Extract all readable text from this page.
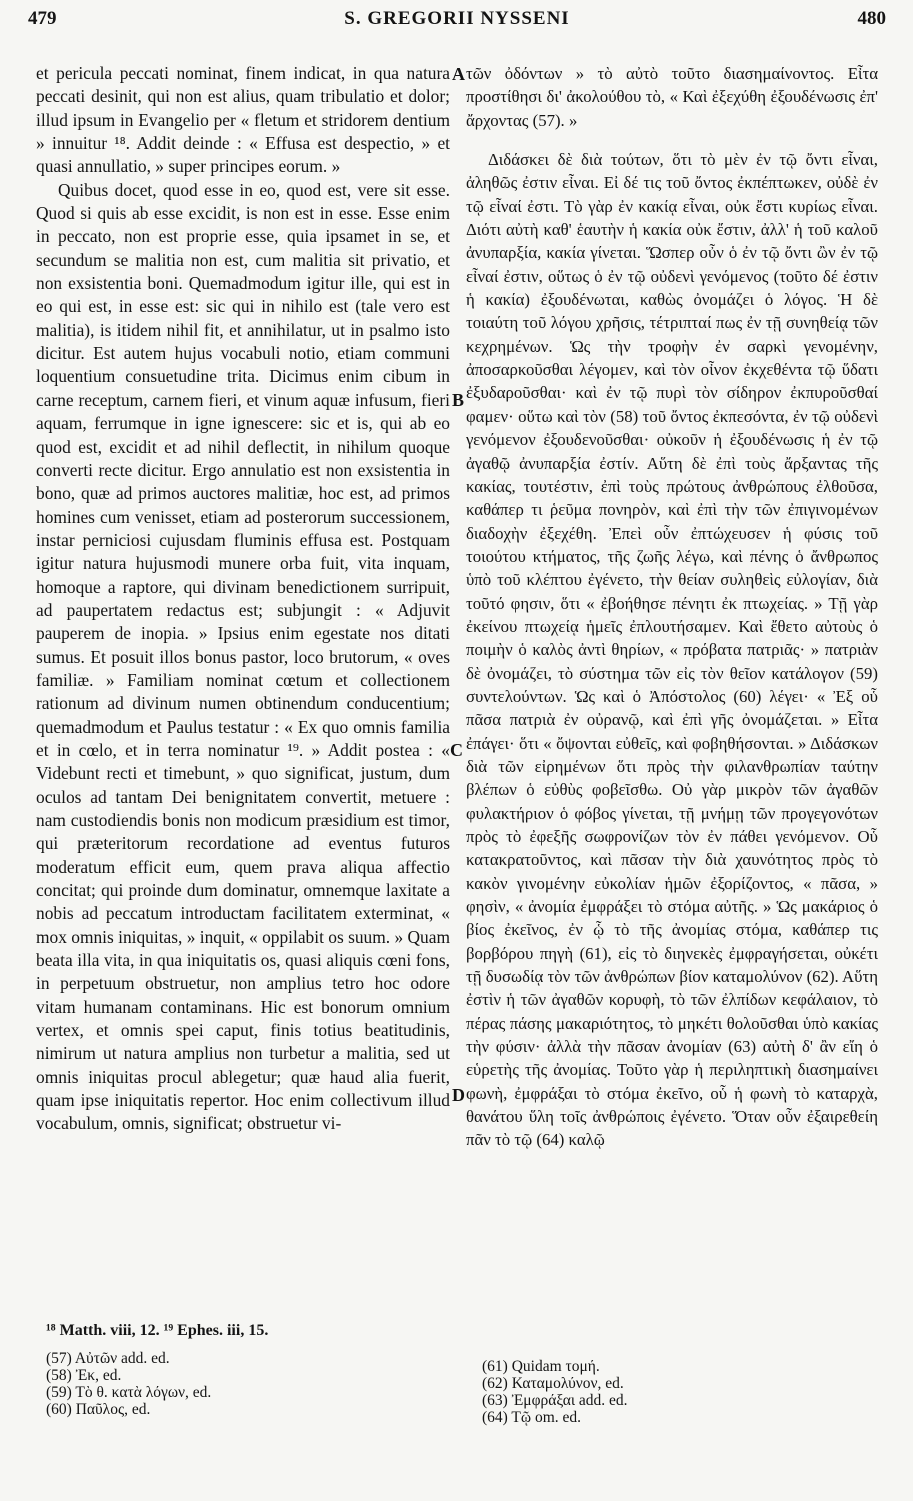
479	S. GREGORII NYSSENI	480

et pericula peccati nominat, finem indicat, in qua natura peccati desinit, qui non est alius, quam tribulatio et dolor; illud ipsum in Evangelio per « fletum et stridorem dentium » innuitur ¹⁸. Addit deinde : « Effusa est despectio, » et quasi annullatio, » super principes eorum. »

Quibus docet, quod esse in eo, quod est, vere sit esse. Quod si quis ab esse excidit, is non est in esse. Esse enim in peccato, non est proprie esse, quia ipsamet in se, et secundum se malitia non est, cum malitia sit privatio, et non exsistentia boni. Quemadmodum igitur ille, qui est in eo qui est, in esse est: sic qui in nihilo est (tale vero est malitia), is itidem nihil fit, et annihilatur, ut in psalmo isto dicitur. Est autem hujus vocabuli notio, etiam communi loquentium consuetudine trita. Dicimus enim cibum in carne receptum, carnem fieri, et vinum aquæ infusum, fieri aquam, ferrumque in igne ignescere: sic et is, qui ab eo quod est, excidit et ad nihil deflectit, in nihilum quoque converti recte dicitur. Ergo annulatio est non exsistentia in bono, quæ ad primos auctores malitiæ, hoc est, ad primos homines cum venisset, etiam ad posterorum successionem, instar perniciosi cujusdam fluminis effusa est. Postquam igitur natura hujusmodi munere orba fuit, vita inquam, homoque a raptore, qui divinam benedictionem surripuit, ad paupertatem redactus est; subjungit : « Adjuvit pauperem de inopia. » Ipsius enim egestate nos ditati sumus. Et posuit illos bonus pastor, loco brutorum, « oves familiæ. » Familiam nominat cœtum et collectionem rationum ad divinum numen obtinendum conducentium; quemadmodum et Paulus testatur : « Ex quo omnis familia et in cœlo, et in terra nominatur ¹⁹. » Addit postea : « Videbunt recti et timebunt, » quo significat, justum, dum oculos ad tantam Dei benignitatem convertit, metuere : nam custodiendis bonis non modicum præsidium est timor, qui præteritorum recordatione ad eventus futuros moderatum efficit eum, quem prava aliqua affectio concitat; qui proinde dum dominatur, omnemque laxitate a nobis ad peccatum introductam facilitatem exterminat, « mox omnis iniquitas, » inquit, « oppilabit os suum. » Quam beata illa vita, in qua iniquitatis os, quasi aliquis cœni fons, in perpetuum obstruetur, non amplius tetro hoc odore vitam humanam contaminans. Hic est bonorum omnium vertex, et omnis spei caput, finis totius beatitudinis, nimirum ut natura amplius non turbetur a malitia, sed ut omnis iniquitas procul ablegetur; quæ haud alia fuerit, quam ipse iniquitatis repertor. Hoc enim collectivum illud vocabulum, omnis, significat; obstruetur vi-

τῶν ὀδόντων » τὸ αὐτὸ τοῦτο διασημαίνοντος. Εἶτα προστίθησι δι' ἀκολούθου τὸ, « Καὶ ἐξεχύθη ἐξουδένωσις ἐπ' ἄρχοντας (57). »

Διδάσκει δὲ διὰ τούτων, ὅτι τὸ μὲν ἐν τῷ ὄντι εἶναι, ἀληθῶς ἐστιν εἶναι. Εἰ δέ τις τοῦ ὄντος ἐκπέπτωκεν, οὐδὲ ἐν τῷ εἶναί ἐστι. Τὸ γὰρ ἐν κακίᾳ εἶναι, οὐκ ἔστι κυρίως εἶναι. Διότι αὐτὴ καθ' ἑαυτὴν ἡ κακία οὐκ ἔστιν, ἀλλ' ἡ τοῦ καλοῦ ἀνυπαρξία, κακία γίνεται. Ὥσπερ οὖν ὁ ἐν τῷ ὄντι ὢν ἐν τῷ εἶναί ἐστιν, οὕτως ὁ ἐν τῷ οὐδενὶ γενόμενος (τοῦτο δέ ἐστιν ἡ κακία) ἐξουδένωται, καθὼς ὀνομάζει ὁ λόγος. Ἡ δὲ τοιαύτη τοῦ λόγου χρῆσις, τέτριπταί πως ἐν τῇ συνηθείᾳ τῶν κεχρημένων. Ὡς τὴν τροφὴν ἐν σαρκὶ γενομένην, ἀποσαρκοῦσθαι λέγομεν, καὶ τὸν οἶνον ἐκχεθέντα τῷ ὕδατι ἐξυδαροῦσθαι· καὶ ἐν τῷ πυρὶ τὸν σίδηρον ἐκπυροῦσθαί φαμεν· οὕτω καὶ τὸν (58) τοῦ ὄντος ἐκπεσόντα, ἐν τῷ οὐδενὶ γενόμενον ἐξουδενοῦσθαι· οὐκοῦν ἡ ἐξουδένωσις ἡ ἐν τῷ ἀγαθῷ ἀνυπαρξία ἐστίν. Αὕτη δὲ ἐπὶ τοὺς ἄρξαντας τῆς κακίας, τουτέστιν, ἐπὶ τοὺς πρώτους ἀνθρώπους ἐλθοῦσα, καθάπερ τι ῥεῦμα πονηρὸν, καὶ ἐπὶ τὴν τῶν ἐπιγινομένων διαδοχὴν ἐξεχέθη. Ἐπεὶ οὖν ἐπτώχευσεν ἡ φύσις τοῦ τοιούτου κτήματος, τῆς ζωῆς λέγω, καὶ πένης ὁ ἄνθρωπος ὑπὸ τοῦ κλέπτου ἐγένετο, τὴν θείαν συληθεὶς εὐλογίαν, διὰ τοῦτό φησιν, ὅτι « ἐβοήθησε πένητι ἐκ πτωχείας. » Τῇ γὰρ ἐκείνου πτωχείᾳ ἡμεῖς ἐπλουτήσαμεν. Καὶ ἔθετο αὐτοὺς ὁ ποιμὴν ὁ καλὸς ἀντὶ θηρίων, « πρόβατα πατριᾶς· » πατριὰν δὲ ὀνομάζει, τὸ σύστημα τῶν εἰς τὸν θεῖον κατάλογον (59) συντελούντων. Ὡς καὶ ὁ Ἀπόστολος (60) λέγει· « Ἐξ οὗ πᾶσα πατριὰ ἐν οὐρανῷ, καὶ ἐπὶ γῆς ὀνομάζεται. » Εἶτα ἐπάγει· ὅτι « ὄψονται εὐθεῖς, καὶ φοβηθήσονται. » Διδάσκων διὰ τῶν εἰρημένων ὅτι πρὸς τὴν φιλανθρωπίαν ταύτην βλέπων ὁ εὐθὺς φοβεῖσθω. Οὐ γὰρ μικρὸν τῶν ἀγαθῶν φυλακτήριον ὁ φόβος γίνεται, τῇ μνήμῃ τῶν προγεγονότων πρὸς τὸ ἐφεξῆς σωφρονίζων τὸν ἐν πάθει γενόμενον. Οὗ κατακρατοῦντος, καὶ πᾶσαν τὴν διὰ χαυνότητος πρὸς τὸ κακὸν γινομένην εὐκολίαν ἡμῶν ἐξορίζοντος, « πᾶσα, » φησὶν, « ἀνομία ἐμφράξει τὸ στόμα αὐτῆς. » Ὡς μακάριος ὁ βίος ἐκεῖνος, ἐν ᾧ τὸ τῆς ἀνομίας στόμα, καθάπερ τις βορβόρου πηγὴ (61), εἰς τὸ διηνεκὲς ἐμφραγήσεται, οὐκέτι τῇ δυσωδίᾳ τὸν τῶν ἀνθρώπων βίον καταμολύνον (62). Αὕτη ἐστὶν ἡ τῶν ἀγαθῶν κορυφὴ, τὸ τῶν ἐλπίδων κεφάλαιον, τὸ πέρας πάσης μακαριότητος, τὸ μηκέτι θολοῦσθαι ὑπὸ κακίας τὴν φύσιν· ἀλλὰ τὴν πᾶσαν ἀνομίαν (63) αὐτὴ δ' ἂν εἴη ὁ εὑρετὴς τῆς ἀνομίας. Τοῦτο γὰρ ἡ περιληπτικὴ διασημαίνει φωνὴ, ἐμφράξαι τὸ στόμα ἐκεῖνο, οὗ ἡ φωνὴ τὸ καταρχὰ, θανάτου ὕλη τοῖς ἀνθρώποις ἐγένετο. Ὅταν οὖν ἐξαιρεθείη πᾶν τὸ τῷ (64) καλῷ

A
B
C
D
¹⁸ Matth. viii, 12. ¹⁹ Ephes. iii, 15.
(57) Αὐτῶν add. ed.
(58) Ἐκ, ed.
(59) Τὸ θ. κατὰ λόγων, ed.
(60) Παῦλος, ed.
(61) Quidam τομή.
(62) Καταμολύνον, ed.
(63) Ἐμφράξαι add. ed.
(64) Τῷ om. ed.
